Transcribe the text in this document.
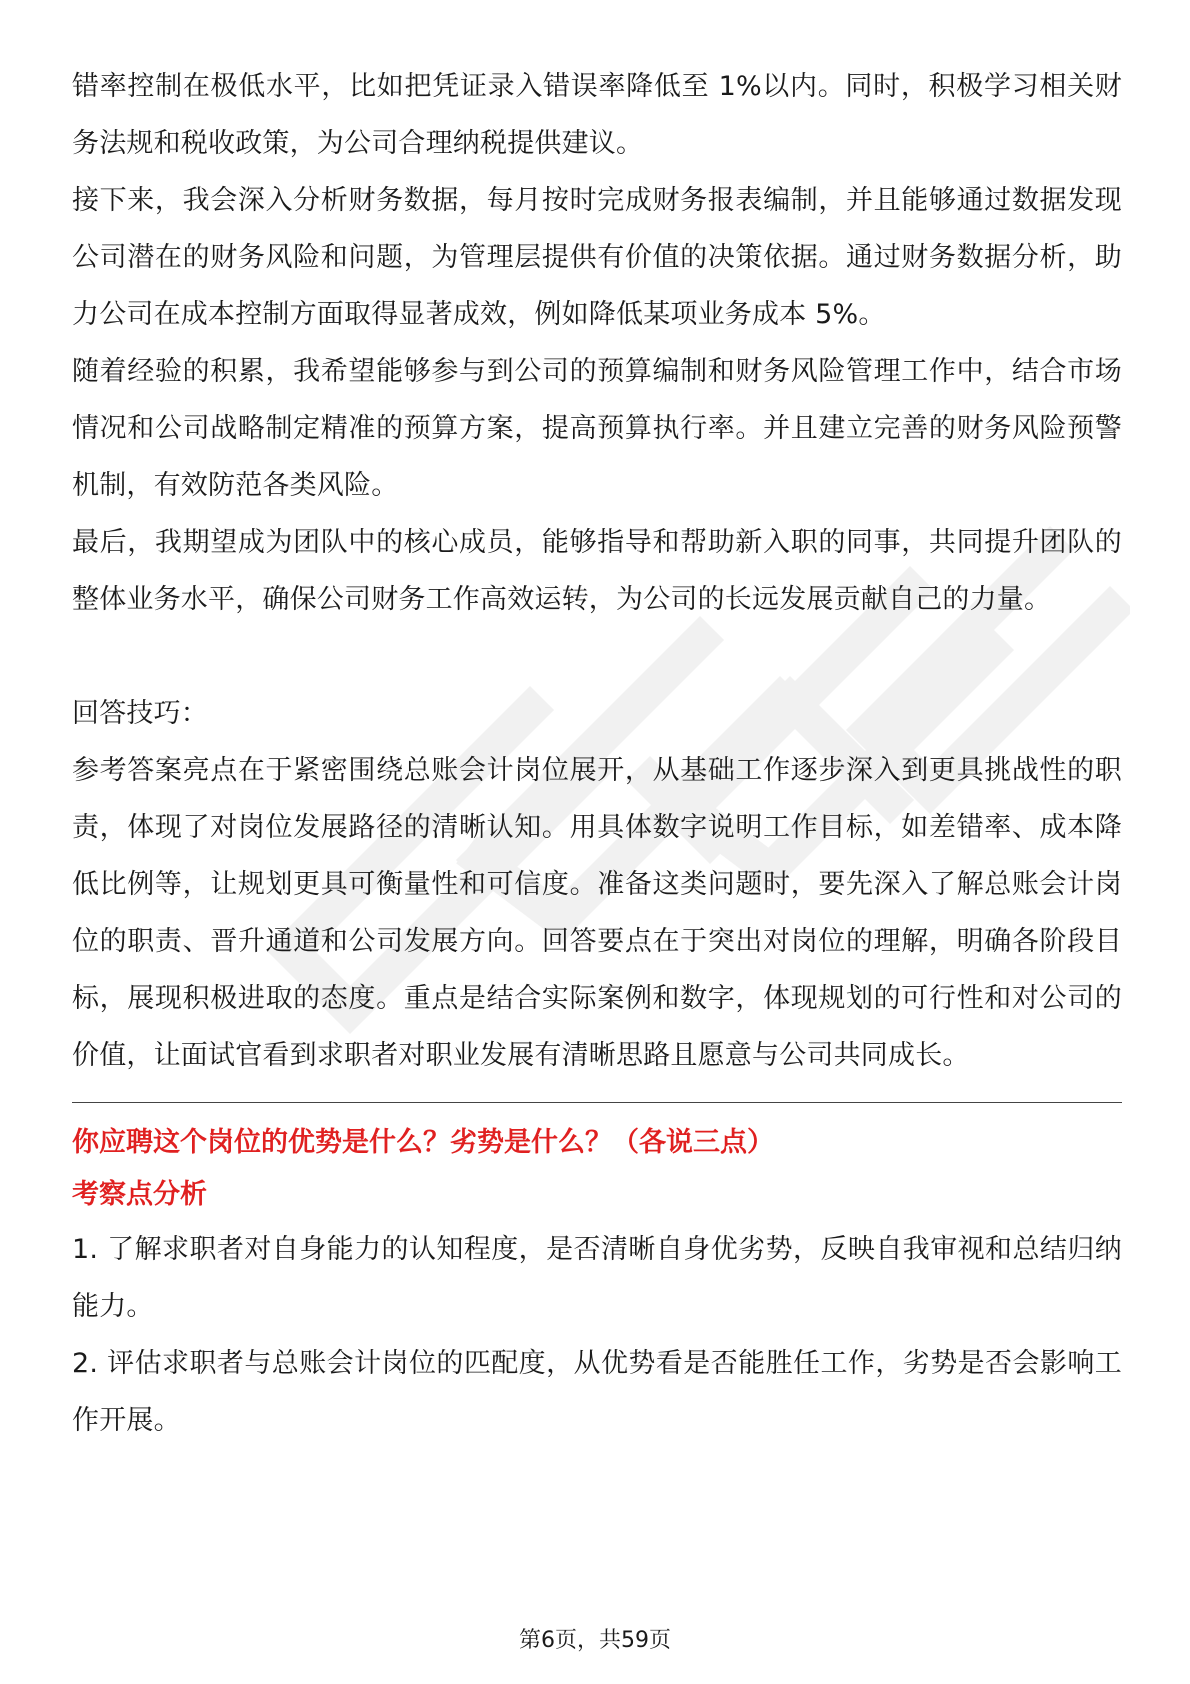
错率控制在极低水平，比如把凭证录入错误率降低至 1%以内。同时，积极学习相关财务法规和税收政策，为公司合理纳税提供建议。

接下来，我会深入分析财务数据，每月按时完成财务报表编制，并且能够通过数据发现公司潜在的财务风险和问题，为管理层提供有价值的决策依据。通过财务数据分析，助力公司在成本控制方面取得显著成效，例如降低某项业务成本 5%。

随着经验的积累，我希望能够参与到公司的预算编制和财务风险管理工作中，结合市场情况和公司战略制定精准的预算方案，提高预算执行率。并且建立完善的财务风险预警机制，有效防范各类风险。

最后，我期望成为团队中的核心成员，能够指导和帮助新入职的同事，共同提升团队的整体业务水平，确保公司财务工作高效运转，为公司的长远发展贡献自己的力量。

回答技巧：

参考答案亮点在于紧密围绕总账会计岗位展开，从基础工作逐步深入到更具挑战性的职责，体现了对岗位发展路径的清晰认知。用具体数字说明工作目标，如差错率、成本降低比例等，让规划更具可衡量性和可信度。准备这类问题时，要先深入了解总账会计岗位的职责、晋升通道和公司发展方向。回答要点在于突出对岗位的理解，明确各阶段目标，展现积极进取的态度。重点是结合实际案例和数字，体现规划的可行性和对公司的价值，让面试官看到求职者对职业发展有清晰思路且愿意与公司共同成长。

你应聘这个岗位的优势是什么？劣势是什么？（各说三点）

考察点分析

1. 了解求职者对自身能力的认知程度，是否清晰自身优劣势，反映自我审视和总结归纳能力。

2. 评估求职者与总账会计岗位的匹配度，从优势看是否能胜任工作，劣势是否会影响工作开展。

第6页，共59页
